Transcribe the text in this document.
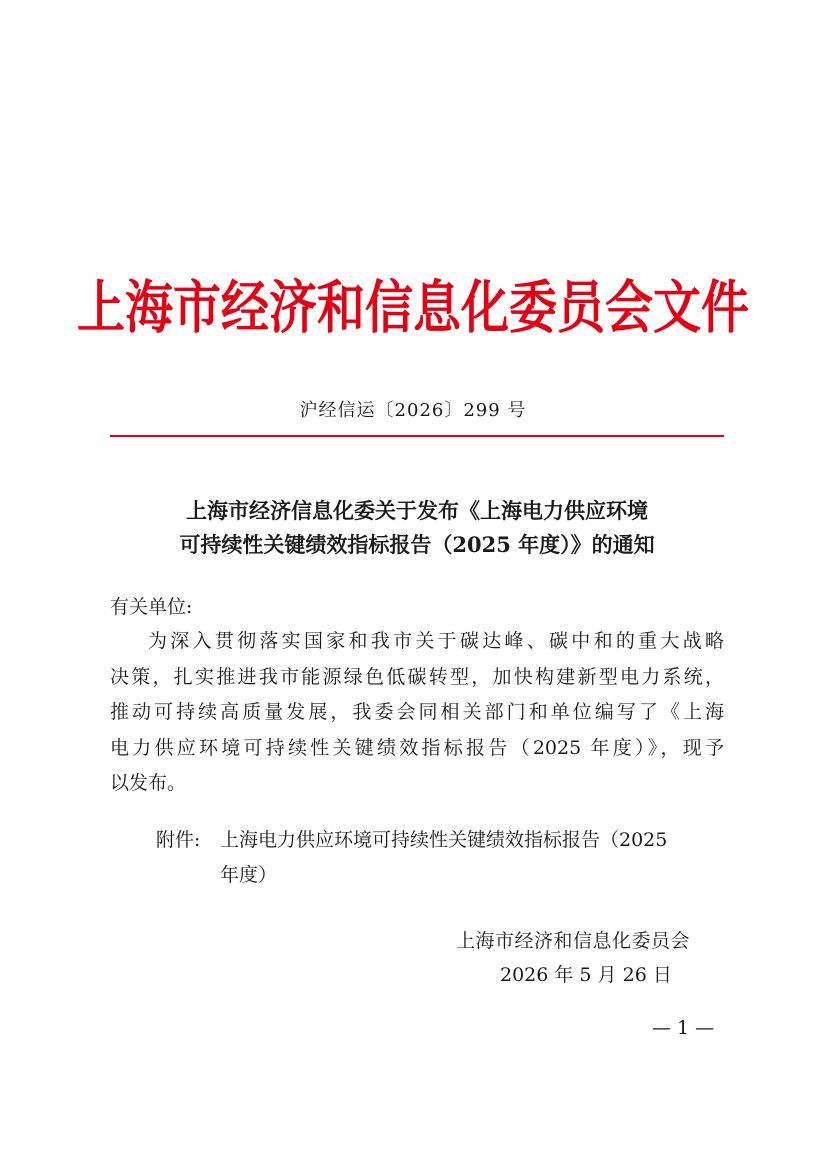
上海市经济和信息化委员会文件
沪经信运〔2026〕299 号
上海市经济信息化委关于发布《上海电力供应环境
可持续性关键绩效指标报告（2025 年度）》的通知
有关单位:
为深入贯彻落实国家和我市关于碳达峰、碳中和的重大战略
决策，扎实推进我市能源绿色低碳转型，加快构建新型电力系统，
推动可持续高质量发展，我委会同相关部门和单位编写了《上海
电力供应环境可持续性关键绩效指标报告（2025 年度）》，现予
以发布。
附件: 上海电力供应环境可持续性关键绩效指标报告（2025
年度）
上海市经济和信息化委员会
2026 年 5 月 26 日
— 1 —
